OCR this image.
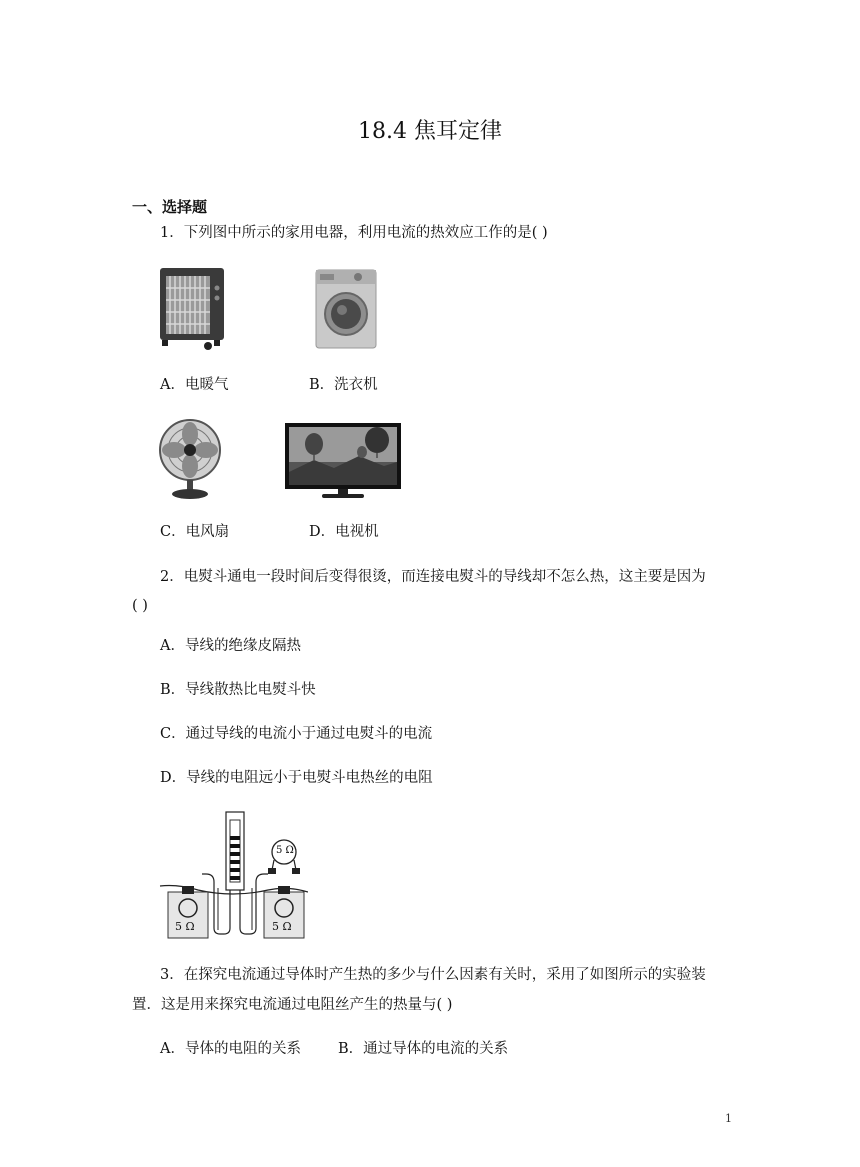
18.4 焦耳定律
一、选择题
1．下列图中所示的家用电器，利用电流的热效应工作的是( )
A．电暖气	B．洗衣机
C．电风扇	D．电视机
2．电熨斗通电一段时间后变得很烫，而连接电熨斗的导线却不怎么热，这主要是因为
( )
A．导线的绝缘皮隔热
B．导线散热比电熨斗快
C．通过导线的电流小于通过电熨斗的电流
D．导线的电阻远小于电熨斗电热丝的电阻
5 Ω	5 Ω
5 Ω
3．在探究电流通过导体时产生热的多少与什么因素有关时，采用了如图所示的实验装
置．这是用来探究电流通过电阻丝产生的热量与( )
A．导体的电阻的关系	B．通过导体的电流的关系
1
